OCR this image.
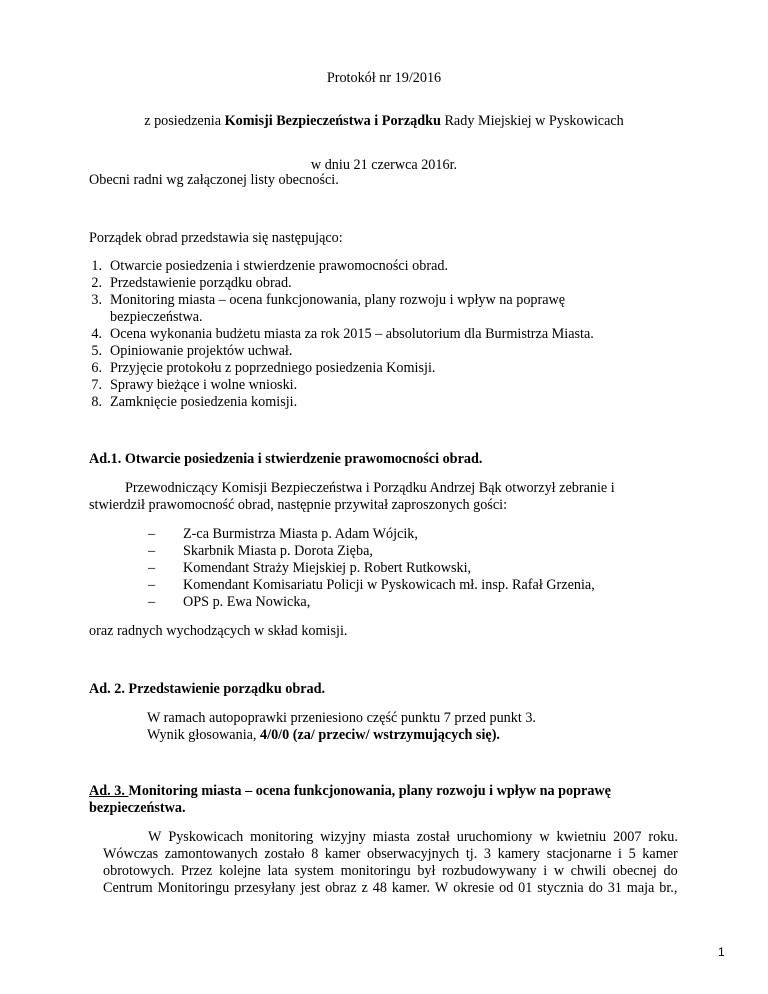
Protokół nr 19/2016
z posiedzenia Komisji Bezpieczeństwa i Porządku Rady Miejskiej w Pyskowicach
w dniu 21 czerwca 2016r.
Obecni radni wg załączonej listy obecności.
Porządek obrad przedstawia się następująco:
1. Otwarcie posiedzenia i stwierdzenie prawomocności obrad.
2. Przedstawienie porządku obrad.
3. Monitoring miasta – ocena funkcjonowania, plany rozwoju i wpływ na poprawę
bezpieczeństwa.
4. Ocena wykonania budżetu miasta za rok 2015 – absolutorium dla Burmistrza Miasta.
5. Opiniowanie projektów uchwał.
6. Przyjęcie protokołu z poprzedniego posiedzenia Komisji.
7. Sprawy bieżące i wolne wnioski.
8. Zamknięcie posiedzenia komisji.
Ad.1. Otwarcie posiedzenia i stwierdzenie prawomocności obrad.
Przewodniczący Komisji Bezpieczeństwa i Porządku Andrzej Bąk otworzył zebranie i
stwierdził prawomocność obrad, następnie przywitał zaproszonych gości:
– Z-ca Burmistrza Miasta p. Adam Wójcik,
– Skarbnik Miasta p. Dorota Zięba,
– Komendant Straży Miejskiej p. Robert Rutkowski,
– Komendant Komisariatu Policji w Pyskowicach mł. insp. Rafał Grzenia,
– OPS p. Ewa Nowicka,
oraz radnych wychodzących w skład komisji.
Ad. 2. Przedstawienie porządku obrad.
W ramach autopoprawki przeniesiono część punktu 7 przed punkt 3.
Wynik głosowania, 4/0/0 (za/ przeciw/ wstrzymujących się).
Ad. 3. Monitoring miasta – ocena funkcjonowania, plany rozwoju i wpływ na poprawę
bezpieczeństwa.
W Pyskowicach monitoring wizyjny miasta został uruchomiony w kwietniu 2007 roku.
Wówczas zamontowanych zostało 8 kamer obserwacyjnych tj. 3 kamery stacjonarne i 5 kamer
obrotowych. Przez kolejne lata system monitoringu był rozbudowywany i w chwili obecnej do
Centrum Monitoringu przesyłany jest obraz z 48 kamer. W okresie od 01 stycznia do 31 maja br.,
1
